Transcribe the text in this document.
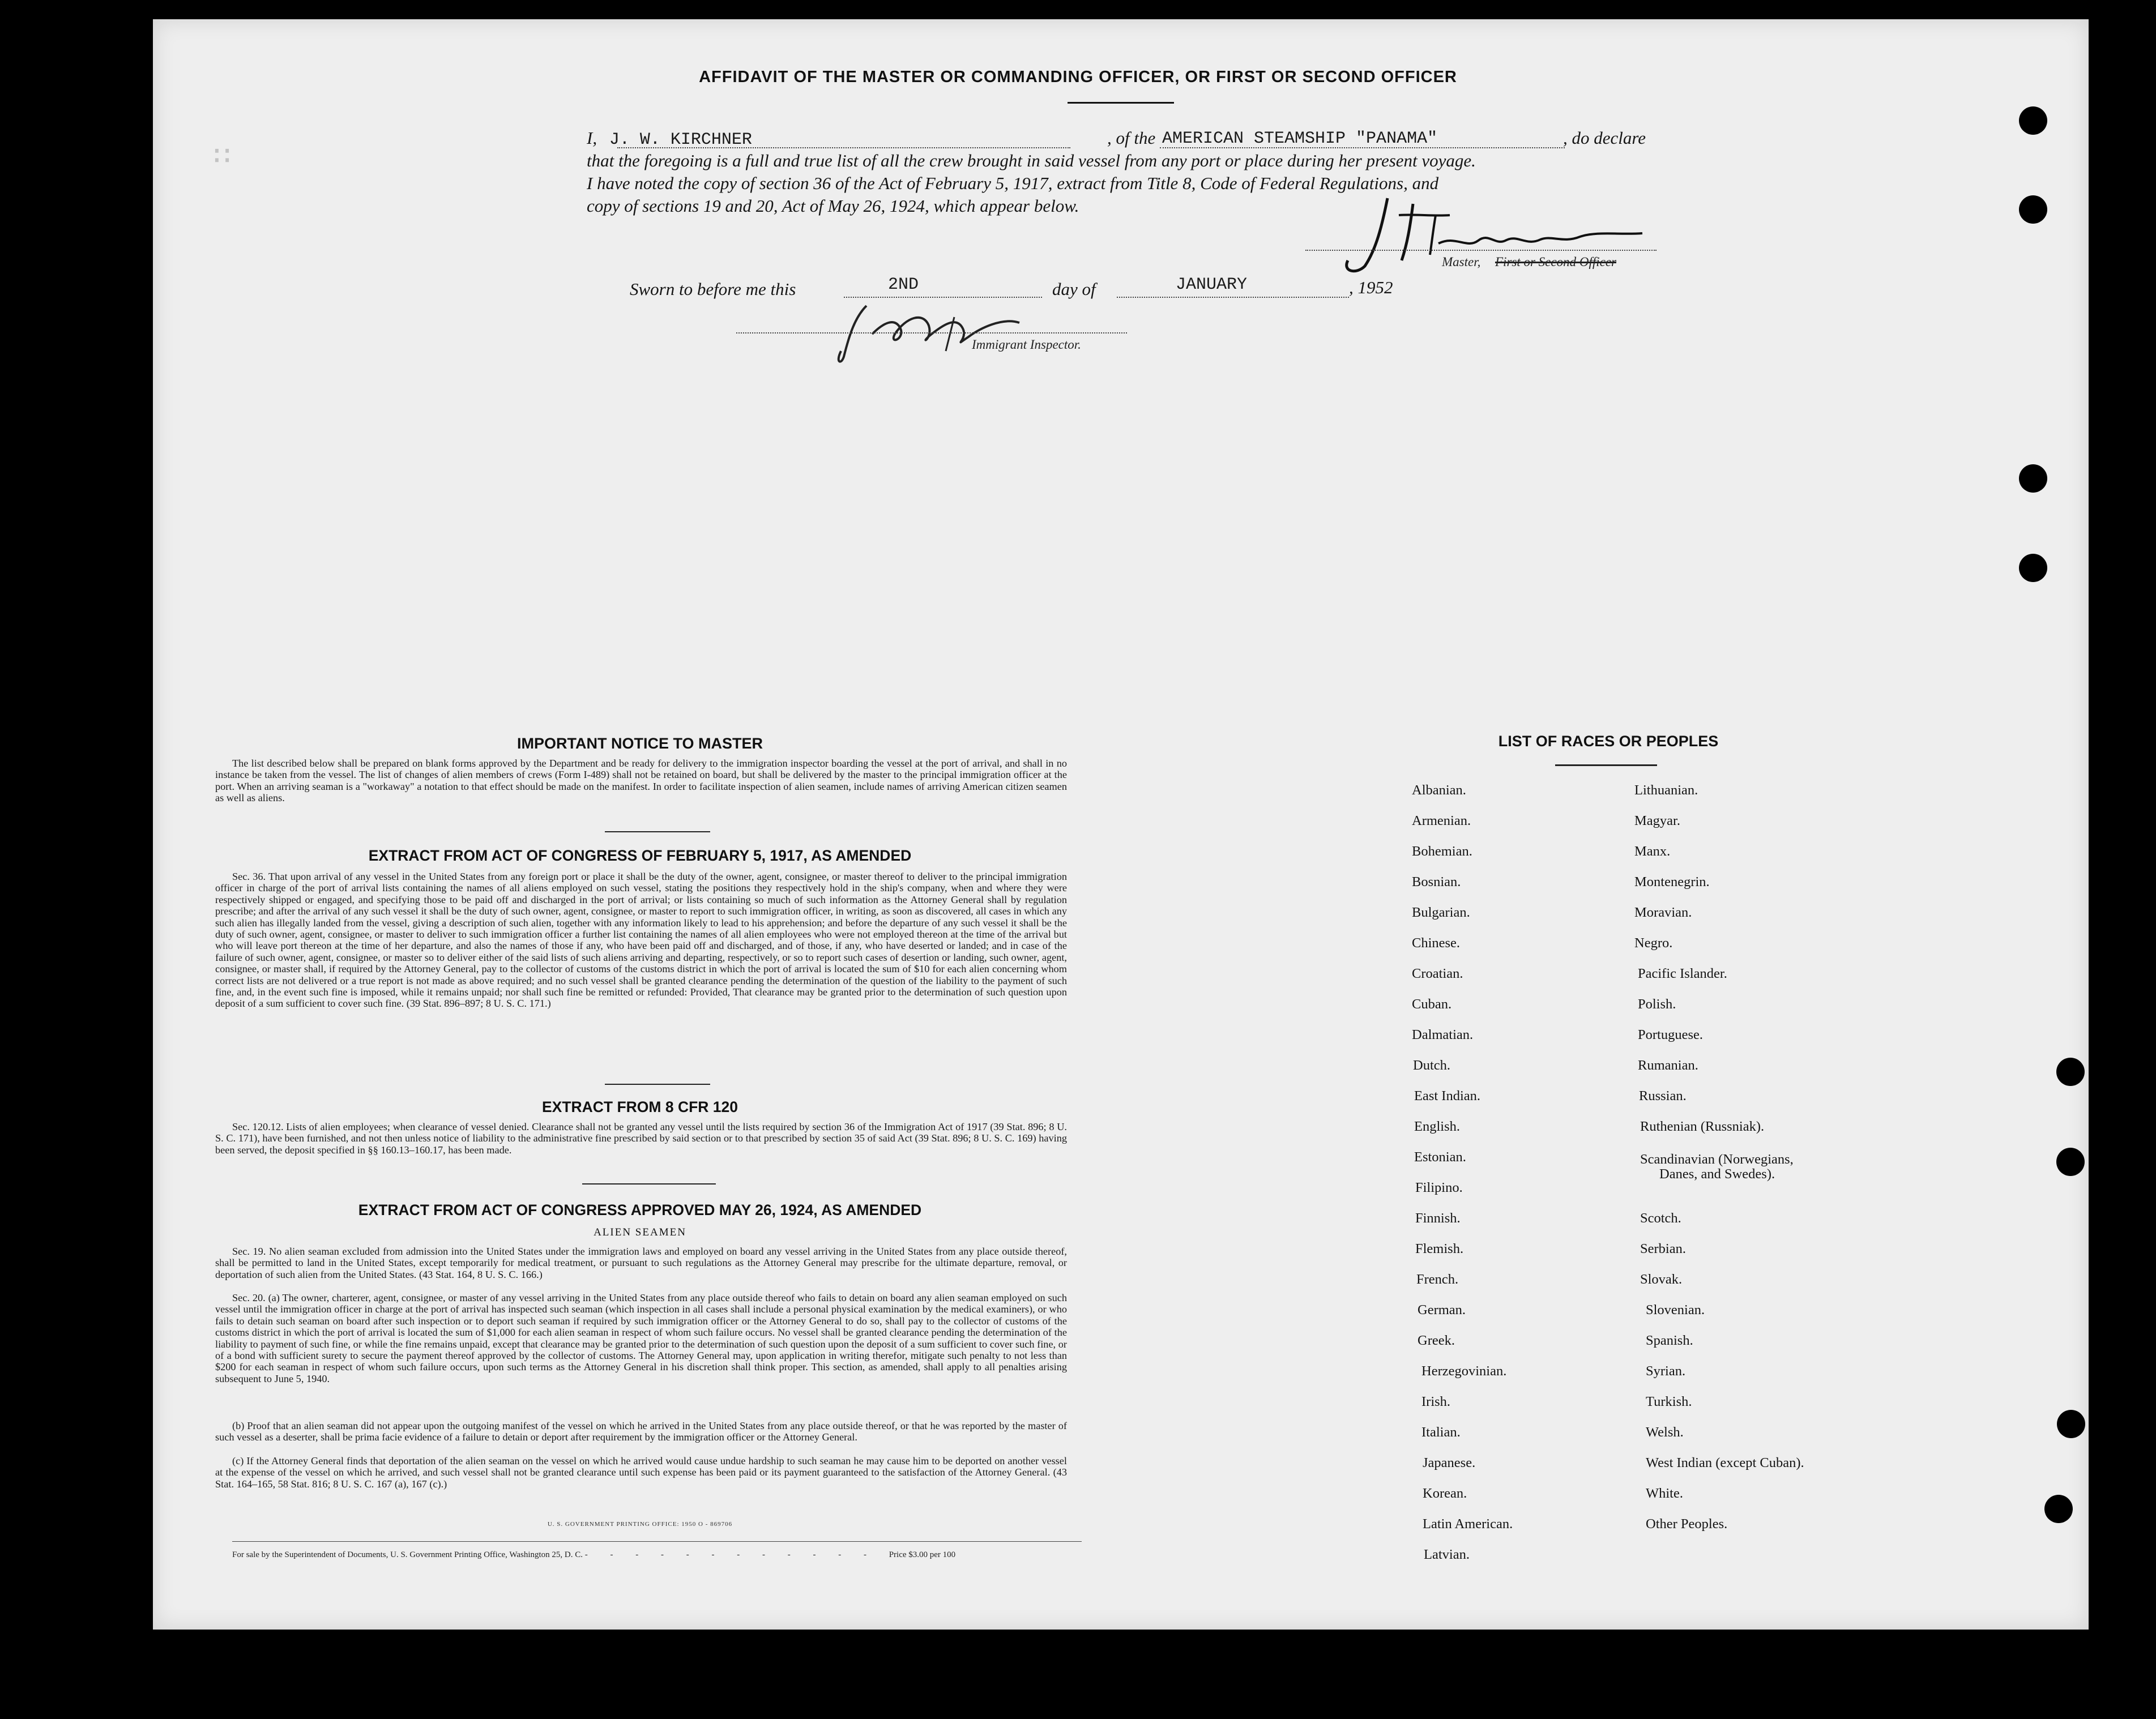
∷
AFFIDAVIT OF THE MASTER OR COMMANDING OFFICER, OR FIRST OR SECOND OFFICER
I, J. W. KIRCHNER	, of the AMERICAN STEAMSHIP "PANAMA"	, do declare
that the foregoing is a full and true list of all the crew brought in said vessel from any port or place during her present voyage.
I have noted the copy of section 36 of the Act of February 5, 1917, extract from Title 8, Code of Federal Regulations, and
copy of sections 19 and 20, Act of May 26, 1924, which appear below.
Master, First or Second Officer
Sworn to before me this	2ND	day of	JANUARY	, 1952
Immigrant Inspector.
IMPORTANT NOTICE TO MASTER
The list described below shall be prepared on blank forms approved by the Department and be ready for delivery to the immigration inspector boarding the vessel at the port of arrival, and shall in no instance be taken from the vessel. The list of changes of alien members of crews (Form I-489) shall not be retained on board, but shall be delivered by the master to the principal immigration officer at the port. When an arriving seaman is a "workaway" a notation to that effect should be made on the manifest. In order to facilitate inspection of alien seamen, include names of arriving American citizen seamen as well as aliens.
EXTRACT FROM ACT OF CONGRESS OF FEBRUARY 5, 1917, AS AMENDED
Sec. 36. That upon arrival of any vessel in the United States from any foreign port or place it shall be the duty of the owner, agent, consignee, or master thereof to deliver to the principal immigration officer in charge of the port of arrival lists containing the names of all aliens employed on such vessel, stating the positions they respectively hold in the ship's company, when and where they were respectively shipped or engaged, and specifying those to be paid off and discharged in the port of arrival; or lists containing so much of such information as the Attorney General shall by regulation prescribe; and after the arrival of any such vessel it shall be the duty of such owner, agent, consignee, or master to report to such immigration officer, in writing, as soon as discovered, all cases in which any such alien has illegally landed from the vessel, giving a description of such alien, together with any information likely to lead to his apprehension; and before the departure of any such vessel it shall be the duty of such owner, agent, consignee, or master to deliver to such immigration officer a further list containing the names of all alien employees who were not employed thereon at the time of the arrival but who will leave port thereon at the time of her departure, and also the names of those if any, who have been paid off and discharged, and of those, if any, who have deserted or landed; and in case of the failure of such owner, agent, consignee, or master so to deliver either of the said lists of such aliens arriving and departing, respectively, or so to report such cases of desertion or landing, such owner, agent, consignee, or master shall, if required by the Attorney General, pay to the collector of customs of the customs district in which the port of arrival is located the sum of $10 for each alien concerning whom correct lists are not delivered or a true report is not made as above required; and no such vessel shall be granted clearance pending the determination of the question of the liability to the payment of such fine, and, in the event such fine is imposed, while it remains unpaid; nor shall such fine be remitted or refunded: Provided, That clearance may be granted prior to the determination of such question upon deposit of a sum sufficient to cover such fine. (39 Stat. 896–897; 8 U. S. C. 171.)
EXTRACT FROM 8 CFR 120
Sec. 120.12. Lists of alien employees; when clearance of vessel denied. Clearance shall not be granted any vessel until the lists required by section 36 of the Immigration Act of 1917 (39 Stat. 896; 8 U. S. C. 171), have been furnished, and not then unless notice of liability to the administrative fine prescribed by said section or to that prescribed by section 35 of said Act (39 Stat. 896; 8 U. S. C. 169) having been served, the deposit specified in §§ 160.13–160.17, has been made.
EXTRACT FROM ACT OF CONGRESS APPROVED MAY 26, 1924, AS AMENDED
ALIEN SEAMEN
Sec. 19. No alien seaman excluded from admission into the United States under the immigration laws and employed on board any vessel arriving in the United States from any place outside thereof, shall be permitted to land in the United States, except temporarily for medical treatment, or pursuant to such regulations as the Attorney General may prescribe for the ultimate departure, removal, or deportation of such alien from the United States. (43 Stat. 164, 8 U. S. C. 166.)
Sec. 20. (a) The owner, charterer, agent, consignee, or master of any vessel arriving in the United States from any place outside thereof who fails to detain on board any alien seaman employed on such vessel until the immigration officer in charge at the port of arrival has inspected such seaman (which inspection in all cases shall include a personal physical examination by the medical examiners), or who fails to detain such seaman on board after such inspection or to deport such seaman if required by such immigration officer or the Attorney General to do so, shall pay to the collector of customs of the customs district in which the port of arrival is located the sum of $1,000 for each alien seaman in respect of whom such failure occurs. No vessel shall be granted clearance pending the determination of the liability to payment of such fine, or while the fine remains unpaid, except that clearance may be granted prior to the determination of such question upon the deposit of a sum sufficient to cover such fine, or of a bond with sufficient surety to secure the payment thereof approved by the collector of customs. The Attorney General may, upon application in writing therefor, mitigate such penalty to not less than $200 for each seaman in respect of whom such failure occurs, upon such terms as the Attorney General in his discretion shall think proper. This section, as amended, shall apply to all penalties arising subsequent to June 5, 1940.
(b) Proof that an alien seaman did not appear upon the outgoing manifest of the vessel on which he arrived in the United States from any place outside thereof, or that he was reported by the master of such vessel as a deserter, shall be prima facie evidence of a failure to detain or deport after requirement by the immigration officer or the Attorney General.
(c) If the Attorney General finds that deportation of the alien seaman on the vessel on which he arrived would cause undue hardship to such seaman he may cause him to be deported on another vessel at the expense of the vessel on which he arrived, and such vessel shall not be granted clearance until such expense has been paid or its payment guaranteed to the satisfaction of the Attorney General. (43 Stat. 164–165, 58 Stat. 816; 8 U. S. C. 167 (a), 167 (c).)
U. S. GOVERNMENT PRINTING OFFICE: 1950 O - 869706
For sale by the Superintendent of Documents, U. S. Government Printing Office, Washington 25, D. C. - - - - - - - - - - - - Price $3.00 per 100
LIST OF RACES OR PEOPLES
Albanian.
Armenian.
Bohemian.
Bosnian.
Bulgarian.
Chinese.
Croatian.
Cuban.
Dalmatian.
Dutch.
East Indian.
English.
Estonian.
Filipino.
Finnish.
Flemish.
French.
German.
Greek.
Herzegovinian.
Irish.
Italian.
Japanese.
Korean.
Latin American.
Latvian.
Lithuanian.
Magyar.
Manx.
Montenegrin.
Moravian.
Negro.
Pacific Islander.
Polish.
Portuguese.
Rumanian.
Russian.
Ruthenian (Russniak).
Scandinavian (Norwegians,
Danes, and Swedes).
Scotch.
Serbian.
Slovak.
Slovenian.
Spanish.
Syrian.
Turkish.
Welsh.
West Indian (except Cuban).
White.
Other Peoples.
